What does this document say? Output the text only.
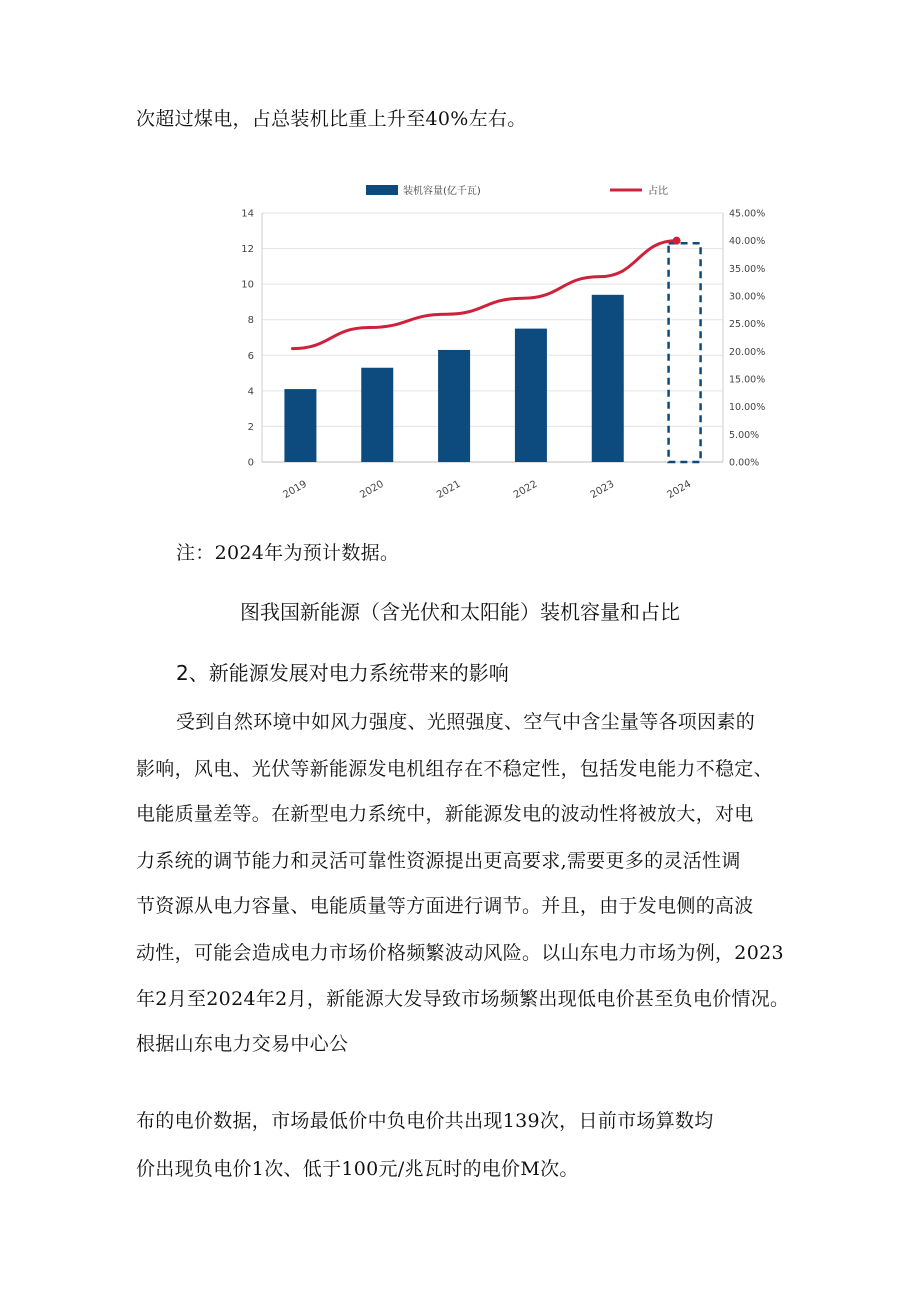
次超过煤电，占总装机比重上升至40%左右。
0
2
4
6
8
10
12
14
0.00%
5.00%
10.00%
15.00%
20.00%
25.00%
30.00%
35.00%
40.00%
45.00%
2019	2020	2021	2022	2023	2024
装机容量(亿千瓦)	占比
注：2024年为预计数据。
图我国新能源（含光伏和太阳能）装机容量和占比
2、新能源发展对电力系统带来的影响
受到自然环境中如风力强度、光照强度、空气中含尘量等各项因素的
影响，风电、光伏等新能源发电机组存在不稳定性，包括发电能力不稳定、
电能质量差等。在新型电力系统中，新能源发电的波动性将被放大，对电
力系统的调节能力和灵活可靠性资源提出更高要求,需要更多的灵活性调
节资源从电力容量、电能质量等方面进行调节。并且，由于发电侧的高波
动性，可能会造成电力市场价格频繁波动风险。以山东电力市场为例，2023
年2月至2024年2月，新能源大发导致市场频繁出现低电价甚至负电价情况。
根据山东电力交易中心公
布的电价数据，市场最低价中负电价共出现139次，日前市场算数均
价出现负电价1次、低于100元/兆瓦时的电价M次。
